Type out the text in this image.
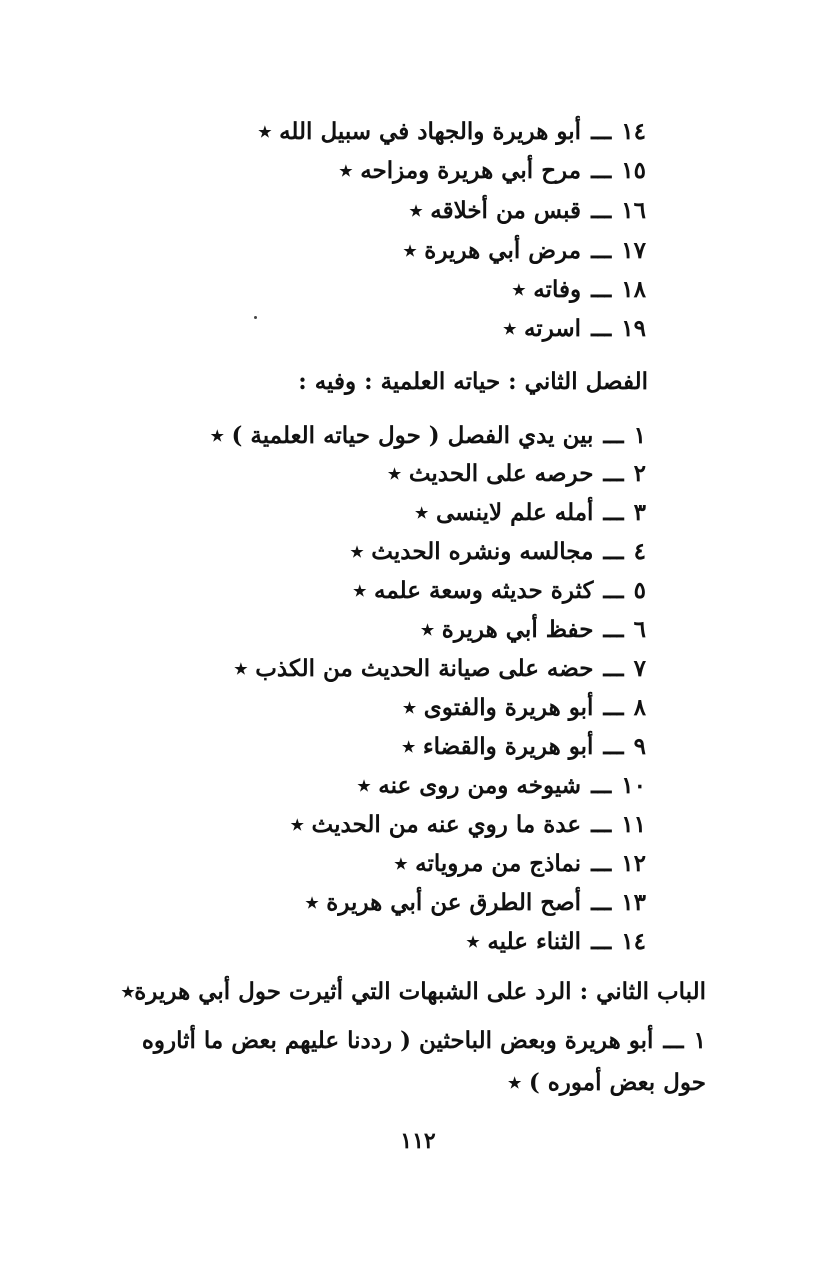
١٤ـــأبو هريرة والجهاد في سبيل الله ٭
١٥ـــمرح أبي هريرة ومزاحه ٭
١٦ـــقبس من أخلاقه ٭
١٧ـــمرض أبي هريرة ٭
١٨ـــوفاته ٭
١٩ـــاسرته ٭
الفصل الثاني : حياته العلمية : وفيه :
١ـــبين يدي الفصل ( حول حياته العلمية ) ٭
٢ـــحرصه على الحديث ٭
٣ـــأمله علم لاينسى ٭
٤ـــمجالسه ونشره الحديث ٭
٥ـــكثرة حديثه وسعة علمه ٭
٦ـــحفظ أبي هريرة ٭
٧ـــحضه على صيانة الحديث من الكذب ٭
٨ـــأبو هريرة والفتوى ٭
٩ـــأبو هريرة والقضاء ٭
١٠ـــشيوخه ومن روى عنه ٭
١١ـــعدة ما روي عنه من الحديث ٭
١٢ـــنماذج من مروياته ٭
١٣ـــأصح الطرق عن أبي هريرة ٭
١٤ـــالثناء عليه ٭
الباب الثاني : الرد على الشبهات التي أثيرت حول أبي هريرة٭
١ـــأبو هريرة وبعض الباحثين ( رددنا عليهم بعض ما أثاروه حول بعض أموره ) ٭
١١٢
